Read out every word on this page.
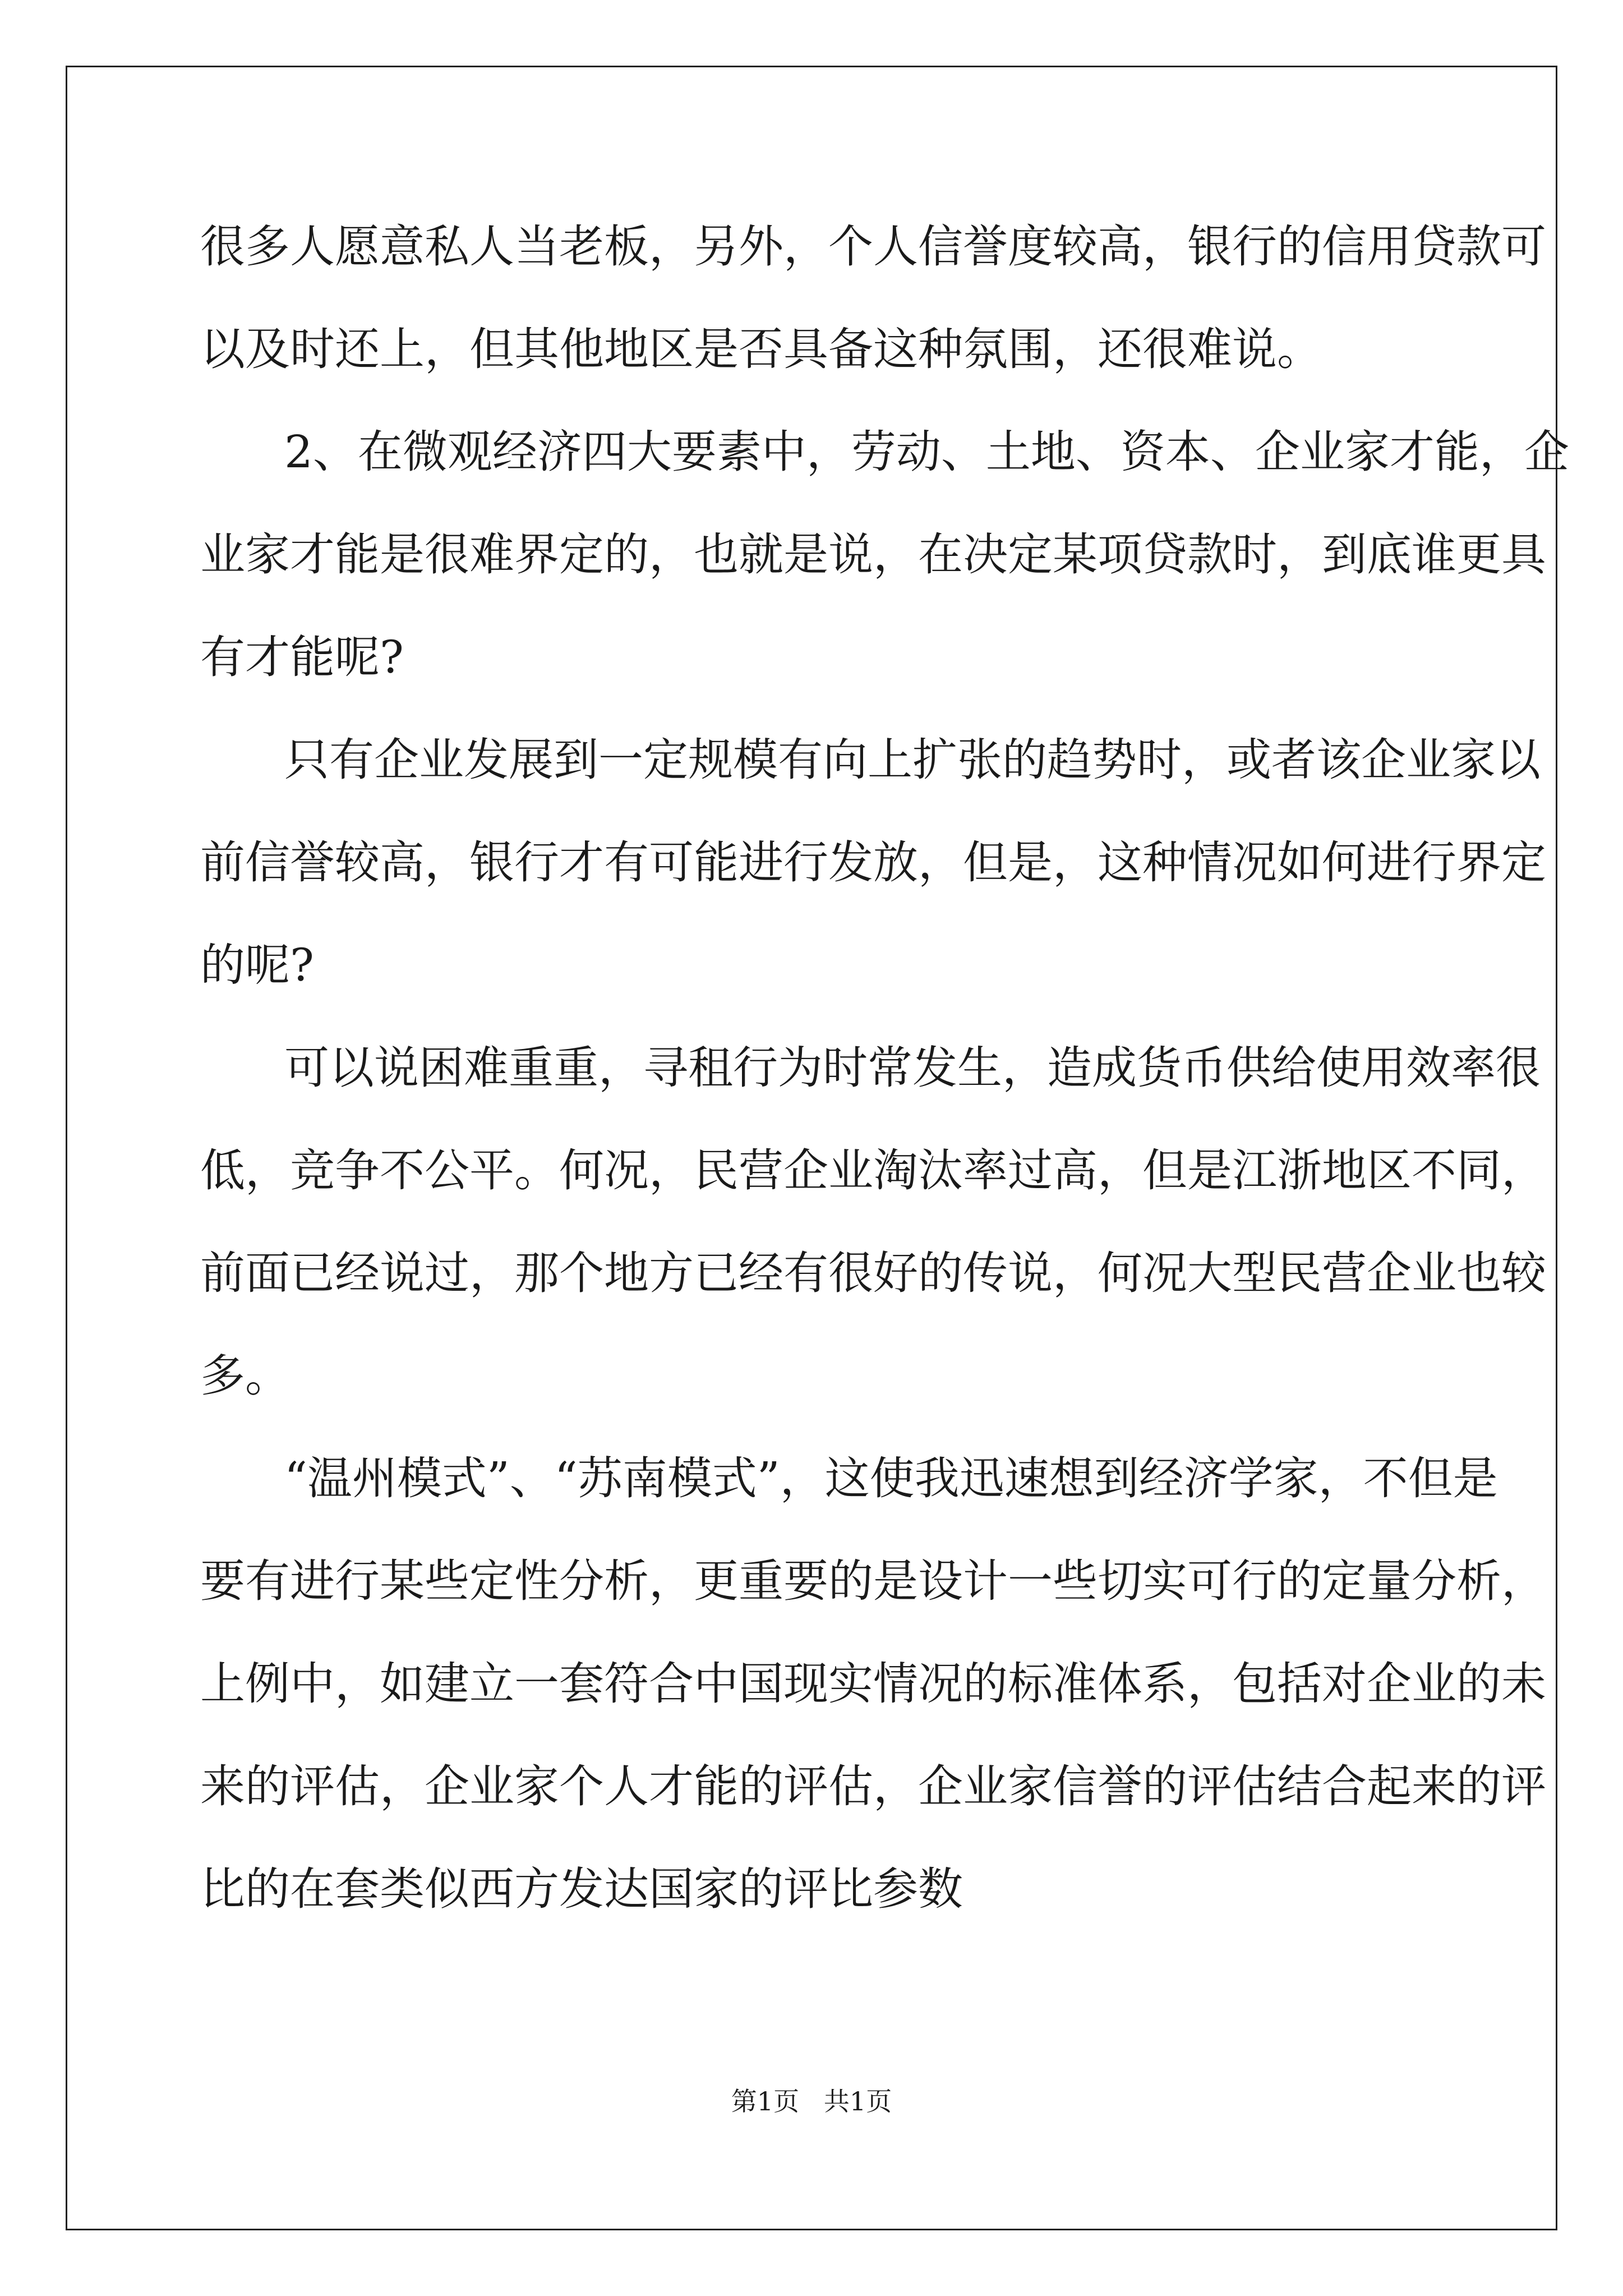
很多人愿意私人当老板，另外，个人信誉度较高，银行的信用贷款可
以及时还上，但其他地区是否具备这种氛围，还很难说。
2、在微观经济四大要素中，劳动、土地、资本、企业家才能，企
业家才能是很难界定的，也就是说，在决定某项贷款时，到底谁更具
有才能呢?
只有企业发展到一定规模有向上扩张的趋势时，或者该企业家以
前信誉较高，银行才有可能进行发放，但是，这种情况如何进行界定
的呢?
可以说困难重重，寻租行为时常发生，造成货币供给使用效率很
低，竞争不公平。何况，民营企业淘汰率过高，但是江浙地区不同，
前面已经说过，那个地方已经有很好的传说，何况大型民营企业也较
多。
“温州模式”、“苏南模式”，这使我迅速想到经济学家，不但是
要有进行某些定性分析，更重要的是设计一些切实可行的定量分析，
上例中，如建立一套符合中国现实情况的标准体系，包括对企业的未
来的评估，企业家个人才能的评估，企业家信誉的评估结合起来的评
比的在套类似西方发达国家的评比参数
第1页   共1页
